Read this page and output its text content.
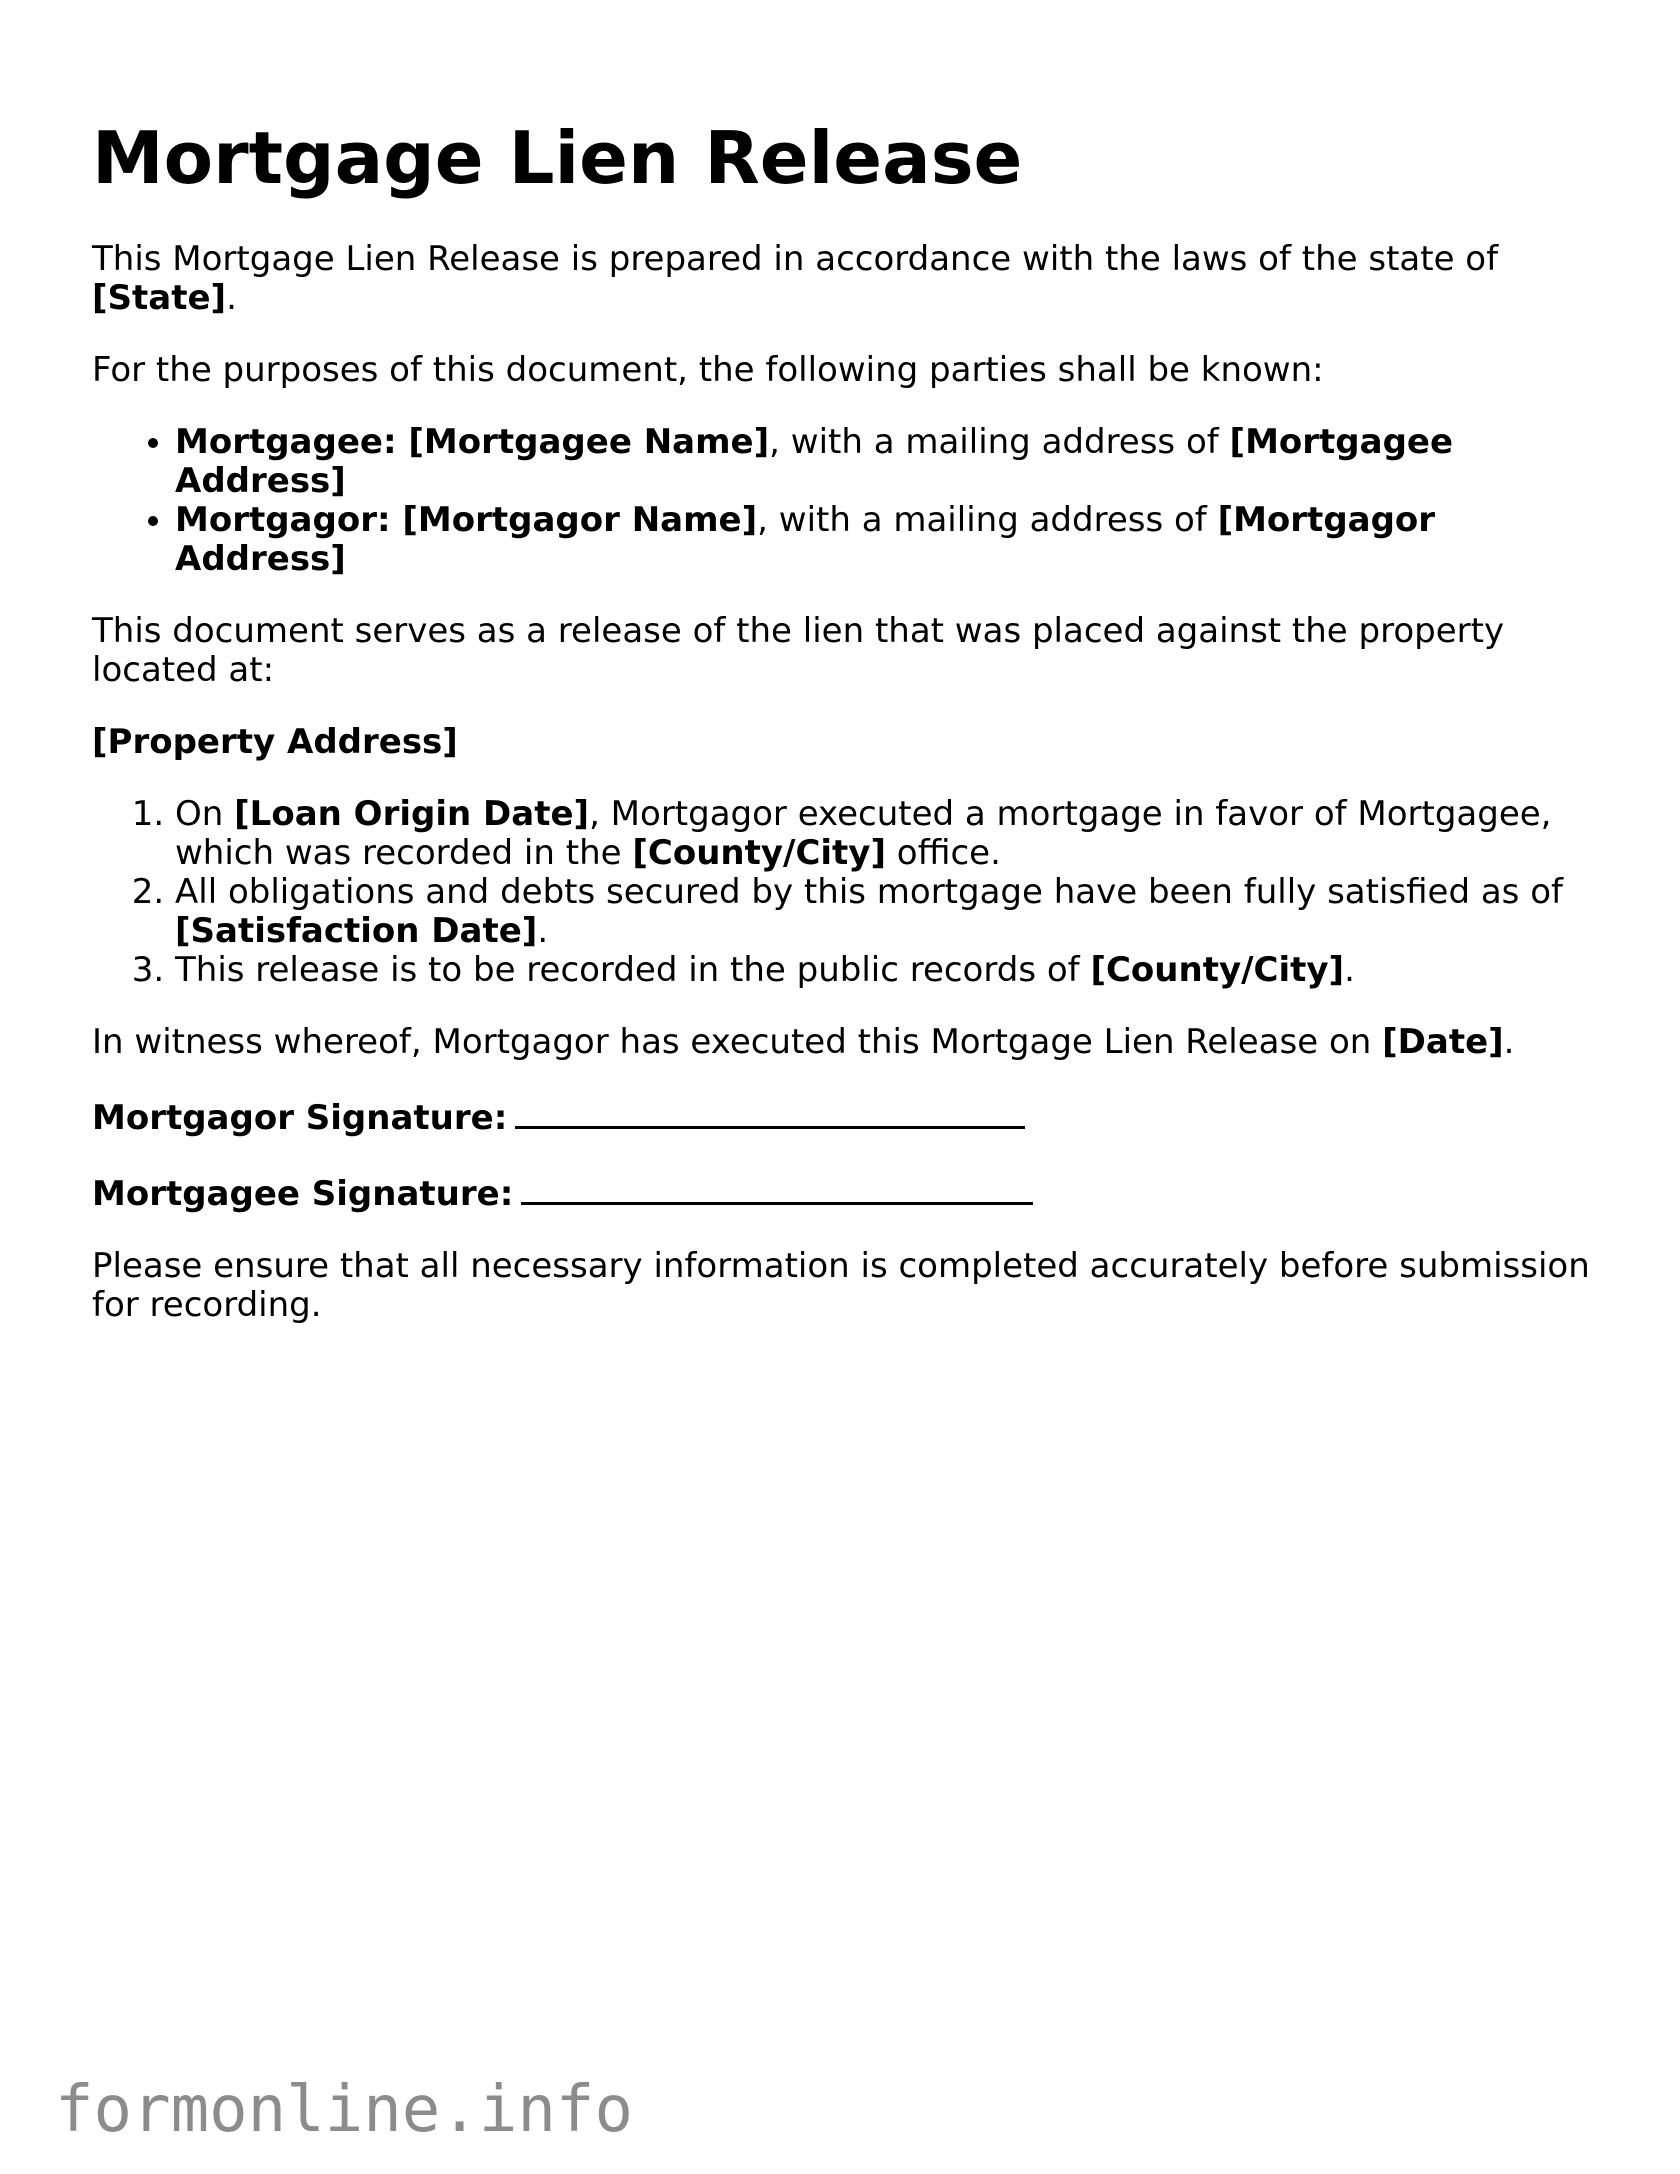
Mortgage Lien Release

This Mortgage Lien Release is prepared in accordance with the laws of the state of [State].

For the purposes of this document, the following parties shall be known:

• Mortgagee: [Mortgagee Name], with a mailing address of [Mortgagee Address]
• Mortgagor: [Mortgagor Name], with a mailing address of [Mortgagor Address]

This document serves as a release of the lien that was placed against the property located at:

[Property Address]

1. On [Loan Origin Date], Mortgagor executed a mortgage in favor of Mortgagee, which was recorded in the [County/City] office.
2. All obligations and debts secured by this mortgage have been fully satisfied as of [Satisfaction Date].
3. This release is to be recorded in the public records of [County/City].

In witness whereof, Mortgagor has executed this Mortgage Lien Release on [Date].

Mortgagor Signature:

Mortgagee Signature:

Please ensure that all necessary information is completed accurately before submission for recording.

formonline.info
